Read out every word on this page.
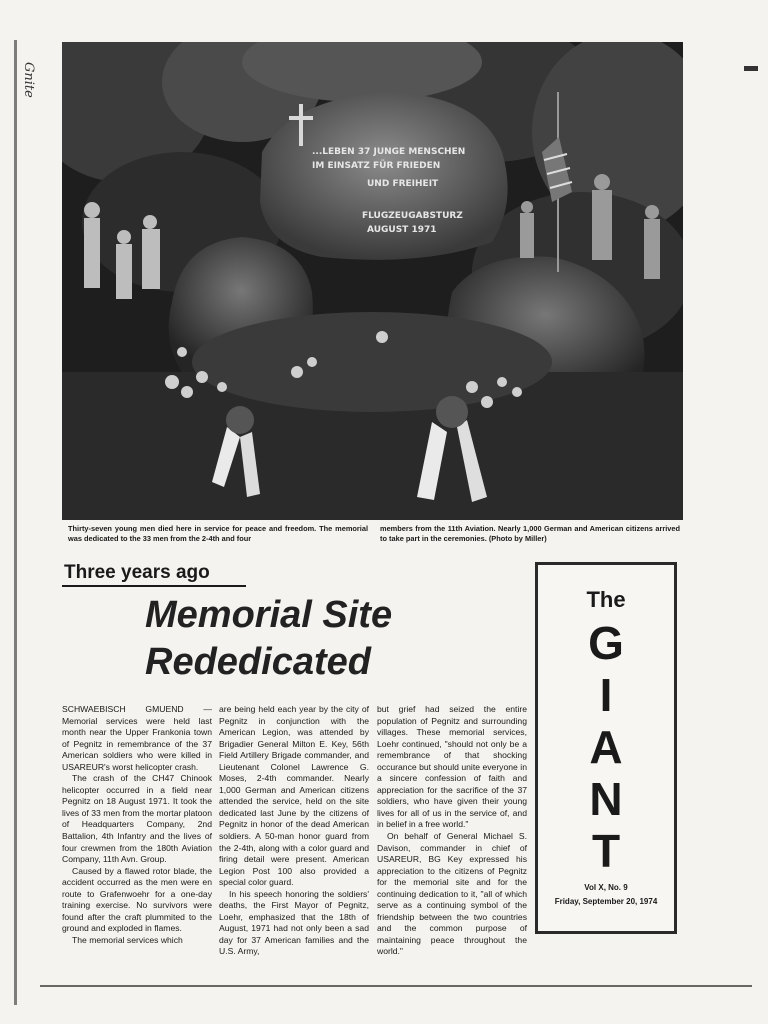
Gnite
...LEBEN 37 JUNGE MENSCHEN
IM EINSATZ FÜR FRIEDEN
UND FREIHEIT
FLUGZEUGABSTURZ
AUGUST 1971
Thirty-seven young men died here in service for peace and freedom. The memorial was dedicated to the 33 men from the 2-4th and four
members from the 11th Aviation. Nearly 1,000 German and American citizens arrived to take part in the ceremonies. (Photo by Miller)
Three years ago
Memorial Site Rededicated

SCHWAEBISCH GMUEND — Memorial services were held last month near the Upper Frankonia town of Pegnitz in remembrance of the 37 American soldiers who were killed in USAREUR's worst helicopter crash.

The crash of the CH47 Chinook helicopter occurred in a field near Pegnitz on 18 August 1971. It took the lives of 33 men from the mortar platoon of Headquarters Company, 2nd Battalion, 4th Infantry and the lives of four crewmen from the 180th Aviation Company, 11th Avn. Group.

Caused by a flawed rotor blade, the accident occurred as the men were en route to Grafenwoehr for a one-day training exercise. No survivors were found after the craft plummited to the ground and exploded in flames.

The memorial services which

are being held each year by the city of Pegnitz in conjunction with the American Legion, was attended by Brigadier General Milton E. Key, 56th Field Artillery Brigade commander, and Lieutenant Colonel Lawrence G. Moses, 2-4th commander. Nearly 1,000 German and American citizens attended the service, held on the site dedicated last June by the citizens of Pegnitz in honor of the dead American soldiers. A 50-man honor guard from the 2-4th, along with a color guard and firing detail were present. American Legion Post 100 also provided a special color guard.

In his speech honoring the soldiers' deaths, the First Mayor of Pegnitz, Loehr, emphasized that the 18th of August, 1971 had not only been a sad day for 37 American families and the U.S. Army,

but grief had seized the entire population of Pegnitz and surrounding villages. These memorial services, Loehr continued, "should not only be a remembrance of that shocking occurance but should unite everyone in a sincere confession of faith and appreciation for the sacrifice of the 37 soldiers, who have given their young lives for all of us in the service of, and in belief in a free world."

On behalf of General Michael S. Davison, commander in chief of USAREUR, BG Key expressed his appreciation to the citizens of Pegnitz for the memorial site and for the continuing dedication to it, "all of which serve as a continuing symbol of the friendship between the two countries and the common purpose of maintaining peace throughout the world."

The
G
I
A
N
T
Vol X, No. 9
Friday, September 20, 1974
